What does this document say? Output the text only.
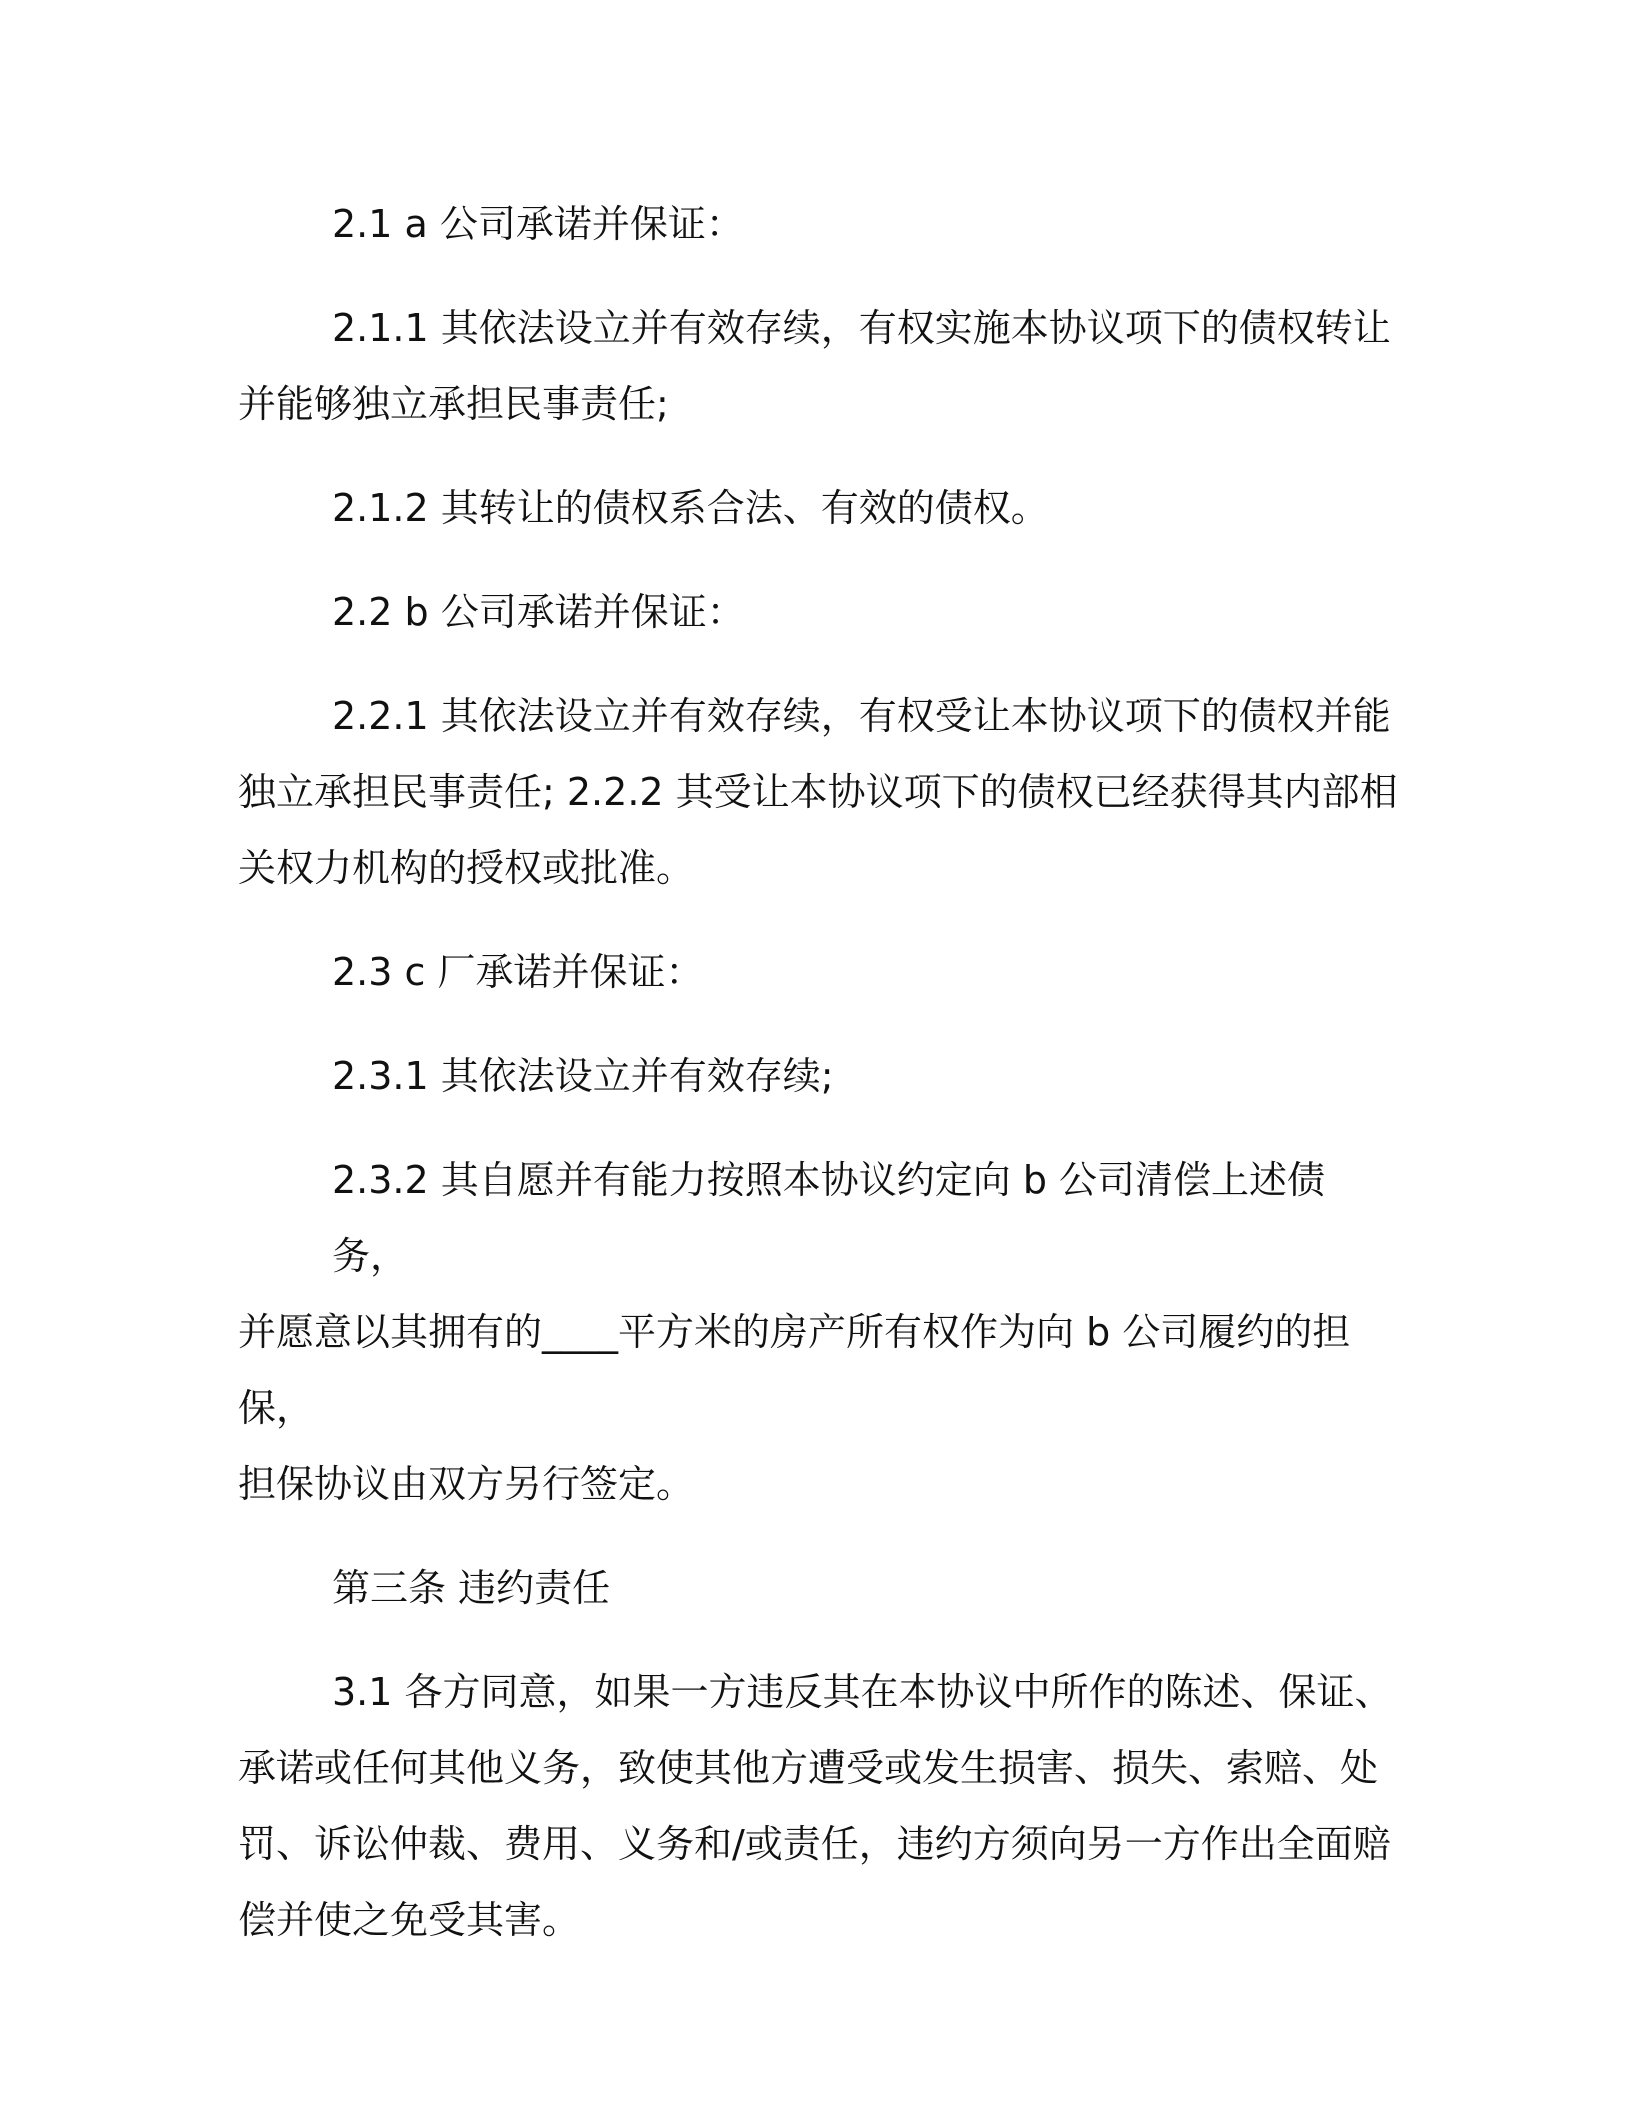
2.1 a 公司承诺并保证：
2.1.1 其依法设立并有效存续，有权实施本协议项下的债权转让
并能够独立承担民事责任;
2.1.2 其转让的债权系合法、有效的债权。
2.2 b 公司承诺并保证：
2.2.1 其依法设立并有效存续，有权受让本协议项下的债权并能
独立承担民事责任; 2.2.2 其受让本协议项下的债权已经获得其内部相
关权力机构的授权或批准。
2.3 c 厂承诺并保证：
2.3.1 其依法设立并有效存续;
2.3.2 其自愿并有能力按照本协议约定向 b 公司清偿上述债务，
并愿意以其拥有的____平方米的房产所有权作为向 b 公司履约的担保，
担保协议由双方另行签定。
第三条 违约责任
3.1 各方同意，如果一方违反其在本协议中所作的陈述、保证、
承诺或任何其他义务，致使其他方遭受或发生损害、损失、索赔、处
罚、诉讼仲裁、费用、义务和/或责任，违约方须向另一方作出全面赔
偿并使之免受其害。
